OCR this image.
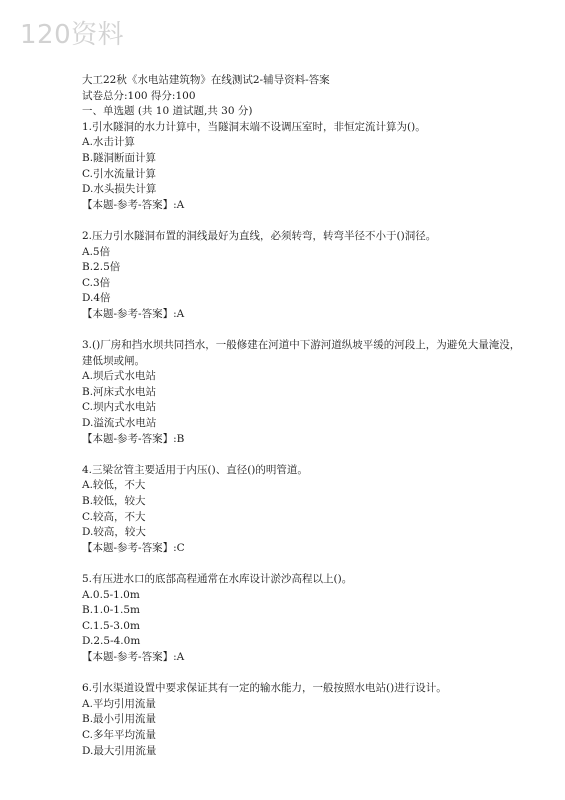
120资料
大工22秋《水电站建筑物》在线测试2-辅导资料-答案
试卷总分:100 得分:100
一、单选题 (共 10 道试题,共 30 分)
1.引水隧洞的水力计算中，当隧洞末端不设调压室时，非恒定流计算为()。
A.水击计算
B.隧洞断面计算
C.引水流量计算
D.水头损失计算
【本题-参考-答案】:A
2.压力引水隧洞布置的洞线最好为直线，必须转弯，转弯半径不小于()洞径。
A.5倍
B.2.5倍
C.3倍
D.4倍
【本题-参考-答案】:A
3.()厂房和挡水坝共同挡水，一般修建在河道中下游河道纵坡平缓的河段上，为避免大量淹没，建低坝或闸。
A.坝后式水电站
B.河床式水电站
C.坝内式水电站
D.溢流式水电站
【本题-参考-答案】:B
4.三梁岔管主要适用于内压()、直径()的明管道。
A.较低，不大
B.较低，较大
C.较高，不大
D.较高，较大
【本题-参考-答案】:C
5.有压进水口的底部高程通常在水库设计淤沙高程以上()。
A.0.5-1.0m
B.1.0-1.5m
C.1.5-3.0m
D.2.5-4.0m
【本题-参考-答案】:A
6.引水渠道设置中要求保证其有一定的输水能力，一般按照水电站()进行设计。
A.平均引用流量
B.最小引用流量
C.多年平均流量
D.最大引用流量
